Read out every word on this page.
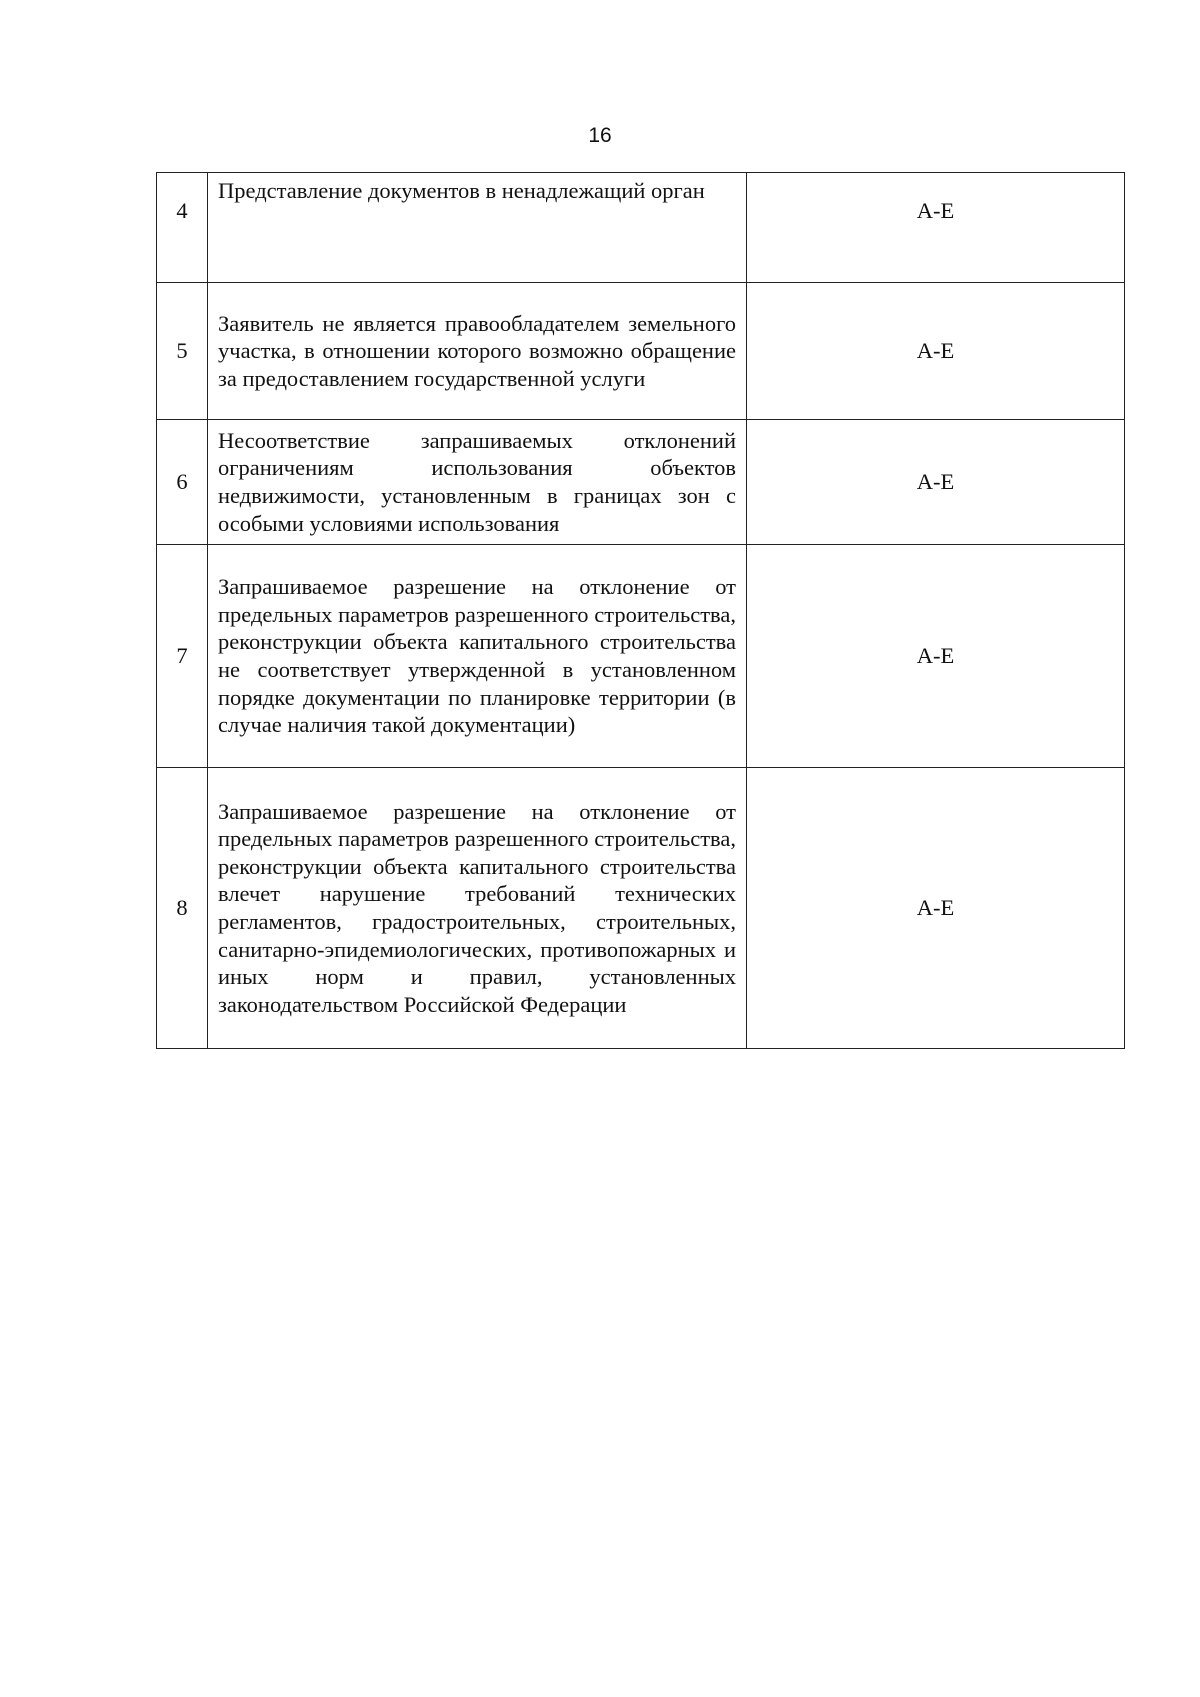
16
4	Представление документов в ненадлежащий орган	А-Е
5	Заявитель не является правообладателем земельного участка, в отношении которого возможно обращение за предоставлением государственной услуги	А-Е
6	Несоответствие запрашиваемых отклонений ограничениям использования объектов недвижимости, установленным в границах зон с особыми условиями использования	А-Е
7	Запрашиваемое разрешение на отклонение от предельных параметров разрешенного строительства, реконструкции объекта капитального строительства не соответствует утвержденной в установленном порядке документации по планировке территории (в случае наличия такой документации)	А-Е
8	Запрашиваемое разрешение на отклонение от предельных параметров разрешенного строительства, реконструкции объекта капитального строительства влечет нарушение требований технических регламентов, градостроительных, строительных, санитарно-эпидемиологических, противопожарных и иных норм и правил, установленных законодательством Российской Федерации	А-Е
